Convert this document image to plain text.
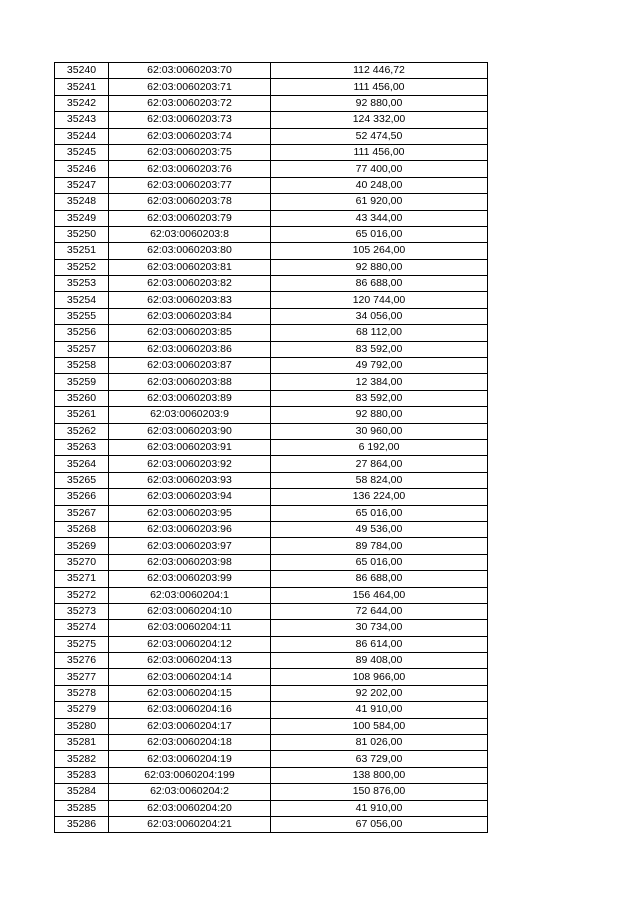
35240	62:03:0060203:70	112 446,72
35241	62:03:0060203:71	111 456,00
35242	62:03:0060203:72	92 880,00
35243	62:03:0060203:73	124 332,00
35244	62:03:0060203:74	52 474,50
35245	62:03:0060203:75	111 456,00
35246	62:03:0060203:76	77 400,00
35247	62:03:0060203:77	40 248,00
35248	62:03:0060203:78	61 920,00
35249	62:03:0060203:79	43 344,00
35250	62:03:0060203:8	65 016,00
35251	62:03:0060203:80	105 264,00
35252	62:03:0060203:81	92 880,00
35253	62:03:0060203:82	86 688,00
35254	62:03:0060203:83	120 744,00
35255	62:03:0060203:84	34 056,00
35256	62:03:0060203:85	68 112,00
35257	62:03:0060203:86	83 592,00
35258	62:03:0060203:87	49 792,00
35259	62:03:0060203:88	12 384,00
35260	62:03:0060203:89	83 592,00
35261	62:03:0060203:9	92 880,00
35262	62:03:0060203:90	30 960,00
35263	62:03:0060203:91	6 192,00
35264	62:03:0060203:92	27 864,00
35265	62:03:0060203:93	58 824,00
35266	62:03:0060203:94	136 224,00
35267	62:03:0060203:95	65 016,00
35268	62:03:0060203:96	49 536,00
35269	62:03:0060203:97	89 784,00
35270	62:03:0060203:98	65 016,00
35271	62:03:0060203:99	86 688,00
35272	62:03:0060204:1	156 464,00
35273	62:03:0060204:10	72 644,00
35274	62:03:0060204:11	30 734,00
35275	62:03:0060204:12	86 614,00
35276	62:03:0060204:13	89 408,00
35277	62:03:0060204:14	108 966,00
35278	62:03:0060204:15	92 202,00
35279	62:03:0060204:16	41 910,00
35280	62:03:0060204:17	100 584,00
35281	62:03:0060204:18	81 026,00
35282	62:03:0060204:19	63 729,00
35283	62:03:0060204:199	138 800,00
35284	62:03:0060204:2	150 876,00
35285	62:03:0060204:20	41 910,00
35286	62:03:0060204:21	67 056,00
